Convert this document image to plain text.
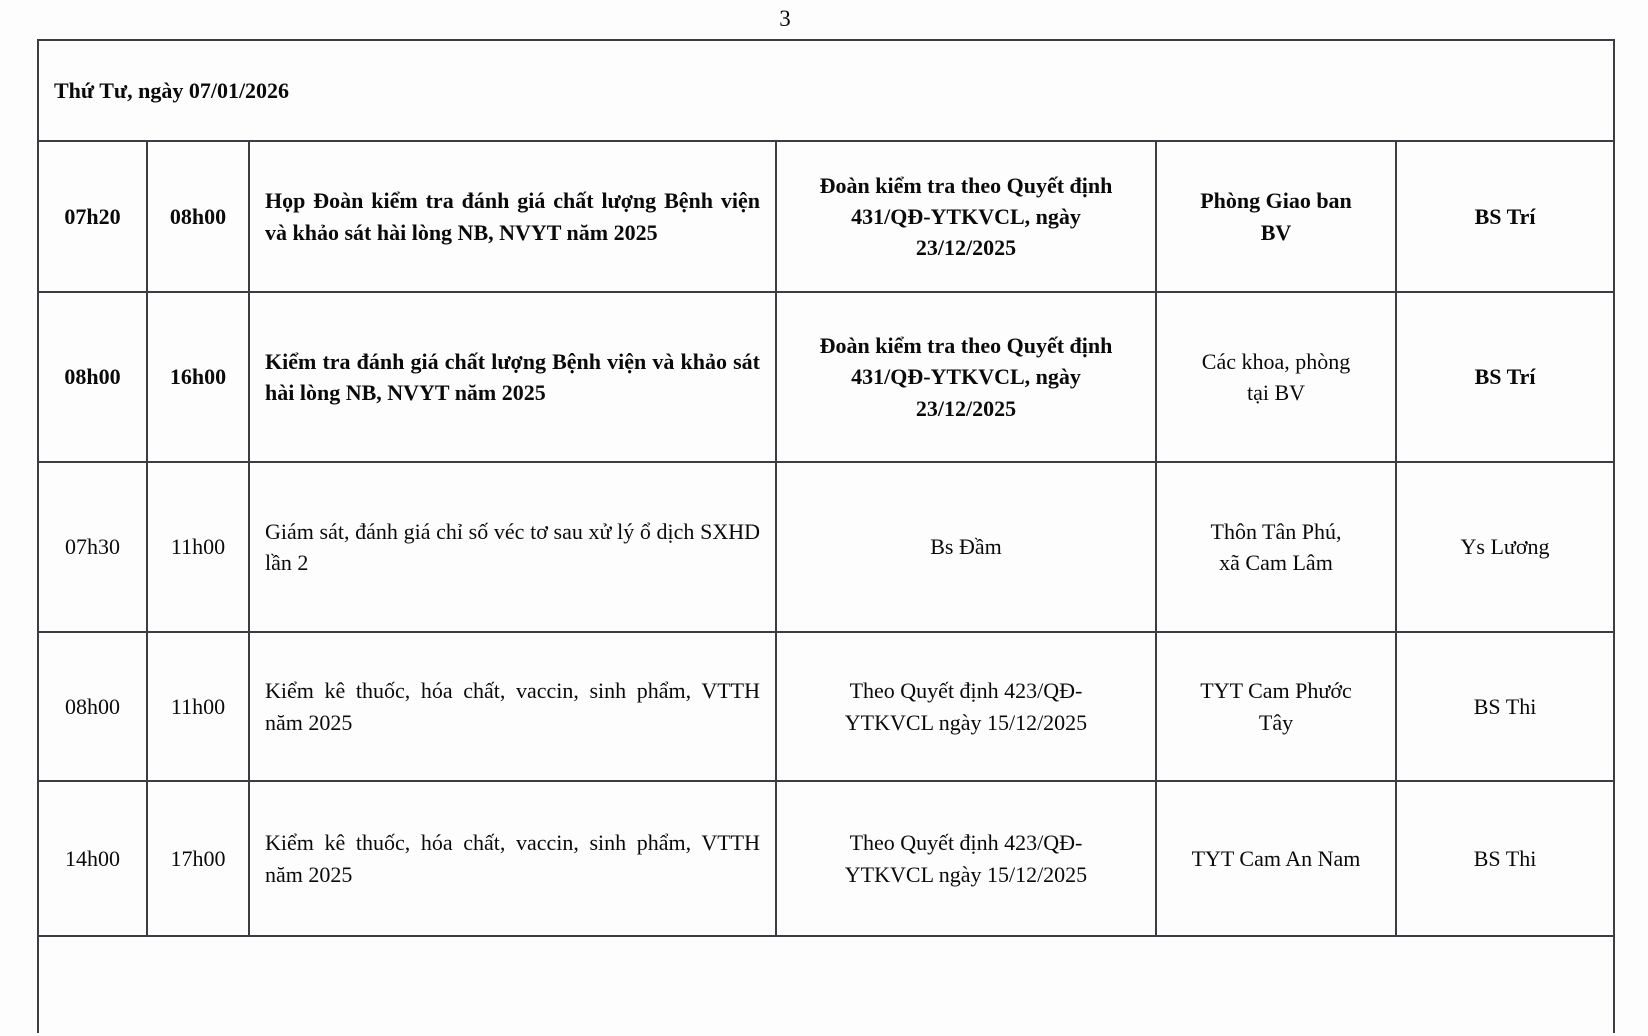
3
Thứ Tư, ngày 07/01/2026					
07h20	08h00	Họp Đoàn kiểm tra đánh giá chất lượng Bệnh viện và khảo sát hài lòng NB, NVYT năm 2025	Đoàn kiểm tra theo Quyết định 431/QĐ-YTKVCL, ngày 23/12/2025	Phòng Giao ban BV	BS Trí
08h00	16h00	Kiểm tra đánh giá chất lượng Bệnh viện và khảo sát hài lòng NB, NVYT năm 2025	Đoàn kiểm tra theo Quyết định 431/QĐ-YTKVCL, ngày 23/12/2025	Các khoa, phòng tại BV	BS Trí
07h30	11h00	Giám sát, đánh giá chỉ số véc tơ sau xử lý ổ dịch SXHD lần 2	Bs Đầm	Thôn Tân Phú, xã Cam Lâm	Ys Lương
08h00	11h00	Kiểm kê thuốc, hóa chất, vaccin, sinh phẩm, VTTH năm 2025	Theo Quyết định 423/QĐ-YTKVCL ngày 15/12/2025	TYT Cam Phước Tây	BS Thi
14h00	17h00	Kiểm kê thuốc, hóa chất, vaccin, sinh phẩm, VTTH năm 2025	Theo Quyết định 423/QĐ-YTKVCL ngày 15/12/2025	TYT Cam An Nam	BS Thi
